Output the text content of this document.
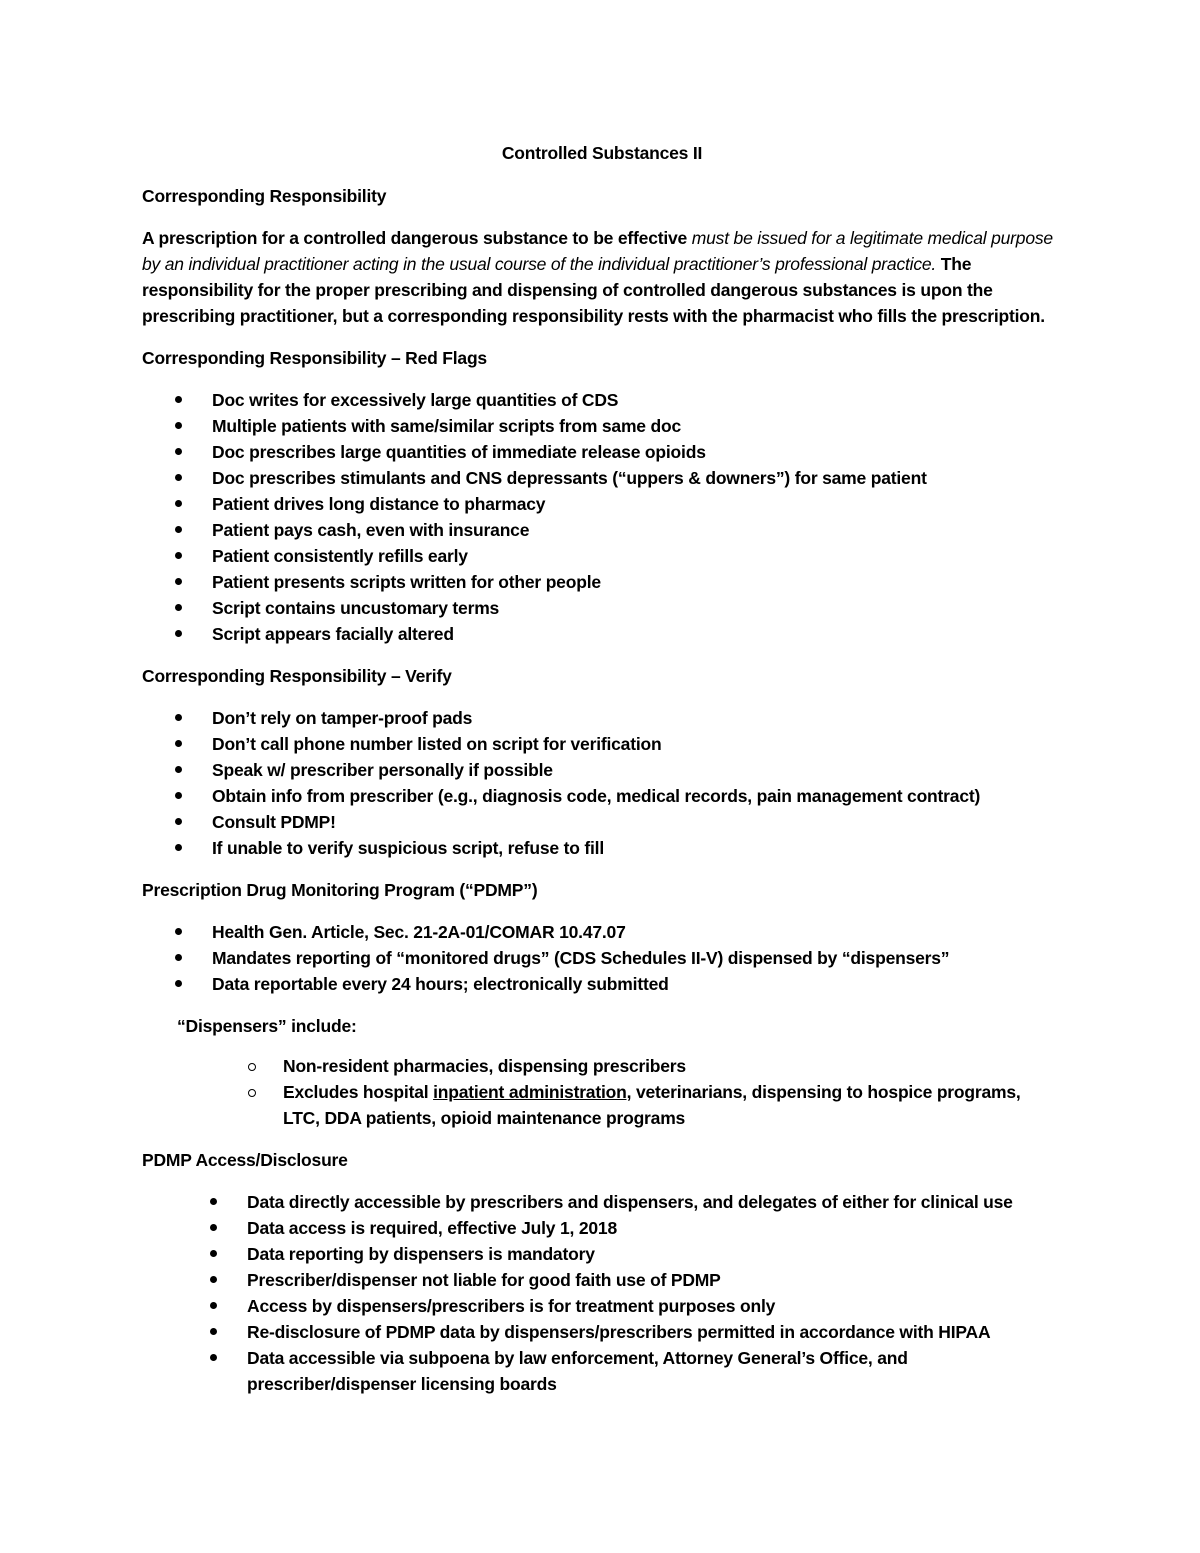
Controlled Substances II
Corresponding Responsibility
A prescription for a controlled dangerous substance to be effective must be issued for a legitimate medical purpose by an individual practitioner acting in the usual course of the individual practitioner’s professional practice. The responsibility for the proper prescribing and dispensing of controlled dangerous substances is upon the prescribing practitioner, but a corresponding responsibility rests with the pharmacist who fills the prescription.
Corresponding Responsibility – Red Flags
Doc writes for excessively large quantities of CDS
Multiple patients with same/similar scripts from same doc
Doc prescribes large quantities of immediate release opioids
Doc prescribes stimulants and CNS depressants (“uppers & downers”) for same patient
Patient drives long distance to pharmacy
Patient pays cash, even with insurance
Patient consistently refills early
Patient presents scripts written for other people
Script contains uncustomary terms
Script appears facially altered
Corresponding Responsibility – Verify
Don’t rely on tamper-proof pads
Don’t call phone number listed on script for verification
Speak w/ prescriber personally if possible
Obtain info from prescriber (e.g., diagnosis code, medical records, pain management contract)
Consult PDMP!
If unable to verify suspicious script, refuse to fill
Prescription Drug Monitoring Program (“PDMP”)
Health Gen. Article, Sec. 21-2A-01/COMAR 10.47.07
Mandates reporting of “monitored drugs” (CDS Schedules II-V) dispensed by “dispensers”
Data reportable every 24 hours; electronically submitted
“Dispensers” include:
Non-resident pharmacies, dispensing prescribers
Excludes hospital inpatient administration, veterinarians, dispensing to hospice programs, LTC, DDA patients, opioid maintenance programs
PDMP Access/Disclosure
Data directly accessible by prescribers and dispensers, and delegates of either for clinical use
Data access is required, effective July 1, 2018
Data reporting by dispensers is mandatory
Prescriber/dispenser not liable for good faith use of PDMP
Access by dispensers/prescribers is for treatment purposes only
Re-disclosure of PDMP data by dispensers/prescribers permitted in accordance with HIPAA
Data accessible via subpoena by law enforcement, Attorney General’s Office, and prescriber/dispenser licensing boards
